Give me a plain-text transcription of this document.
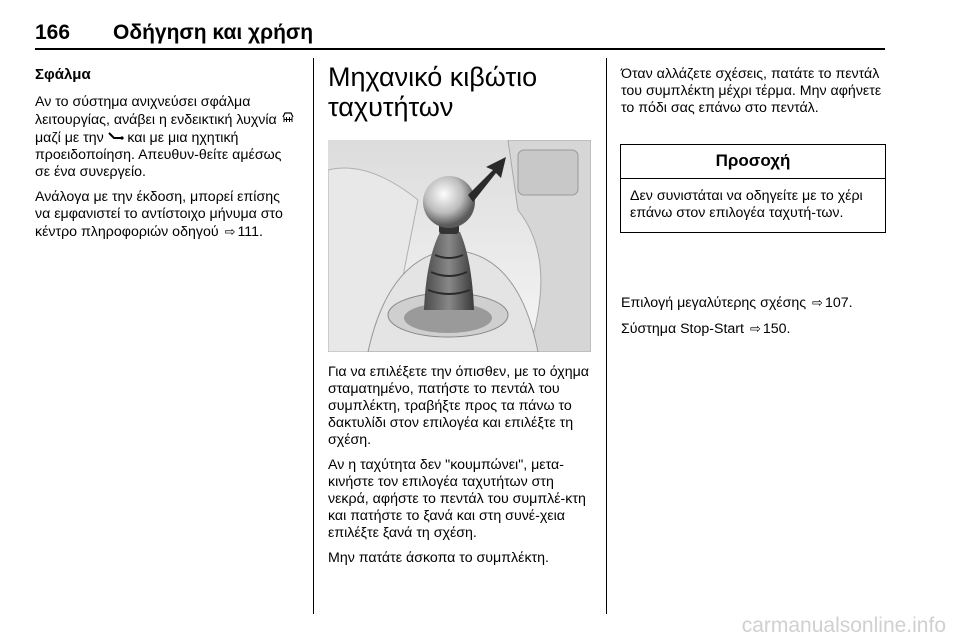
166 Οδήγηση και χρήση
Σφάλμα

Αν το σύστημα ανιχνεύσει σφάλμα λειτουργίας, ανάβει η ενδεικτική λυχνία  μαζί με την και με μια ηχητική προειδοποίηση. Απευθυν-θείτε αμέσως σε ένα συνεργείο.

Ανάλογα με την έκδοση, μπορεί επίσης να εμφανιστεί το αντίστοιχο μήνυμα στο κέντρο πληροφοριών οδηγού ⇨ 111.

Μηχανικό κιβώτιο ταχυτήτων

Για να επιλέξετε την όπισθεν, με το όχημα σταματημένο, πατήστε το πεντάλ του συμπλέκτη, τραβήξτε προς τα πάνω το δακτυλίδι στον επιλογέα και επιλέξτε τη σχέση.

Αν η ταχύτητα δεν "κουμπώνει", μετα-κινήστε τον επιλογέα ταχυτήτων στη νεκρά, αφήστε το πεντάλ του συμπλέ-κτη και πατήστε το ξανά και στη συνέ-χεια επιλέξτε ξανά τη σχέση.

Μην πατάτε άσκοπα το συμπλέκτη.

Όταν αλλάζετε σχέσεις, πατάτε το πεντάλ του συμπλέκτη μέχρι τέρμα. Μην αφήνετε το πόδι σας επάνω στο πεντάλ.

Προσοχή
Δεν συνιστάται να οδηγείτε με το χέρι επάνω στον επιλογέα ταχυτή-των.

Επιλογή μεγαλύτερης σχέσης ⇨ 107.

Σύστημα Stop-Start ⇨ 150.

carmanualsonline.info
